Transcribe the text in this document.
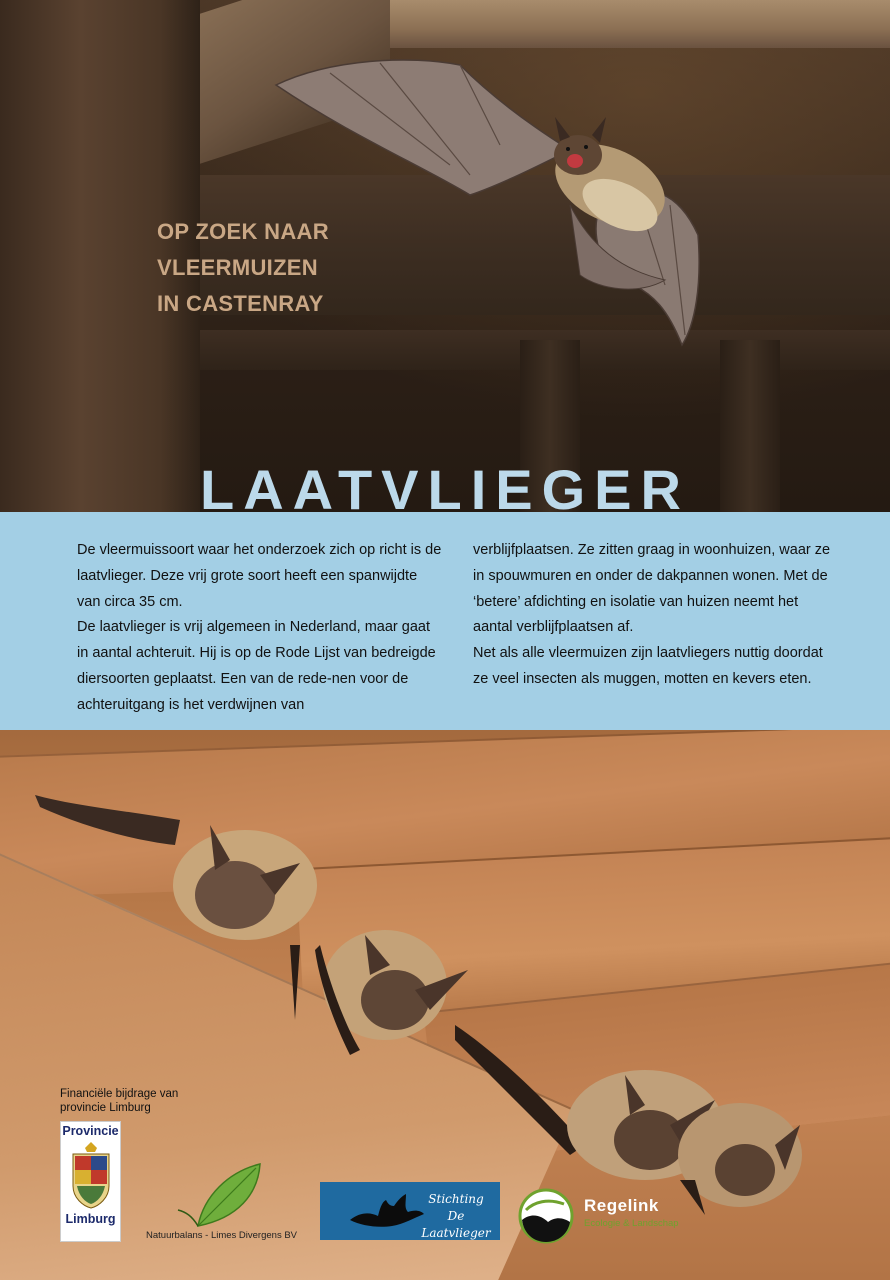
OP ZOEK NAAR
VLEERMUIZEN
IN CASTENRAY
LAATVLIEGER

De vleermuissoort waar het onderzoek zich op richt is de laatvlieger. Deze vrij grote soort heeft een spanwijdte van circa 35 cm.

De laatvlieger is vrij algemeen in Nederland, maar gaat in aantal achteruit. Hij is op de Rode Lijst van bedreigde diersoorten geplaatst. Een van de rede-nen voor de achteruitgang is het verdwijnen van

verblijfplaatsen. Ze zitten graag in woonhuizen, waar ze in spouwmuren en onder de dakpannen wonen. Met de ‘betere’ afdichting en isolatie van huizen neemt het aantal verblijfplaatsen af.

Net als alle vleermuizen zijn laatvliegers nuttig doordat ze veel insecten als muggen, motten en kevers eten.

Financiële bijdrage van
provincie Limburg
Provincie
Limburg
Natuurbalans - Limes Divergens BV
Stichting
De Laatvlieger
Regelink
Ecologie & Landschap
